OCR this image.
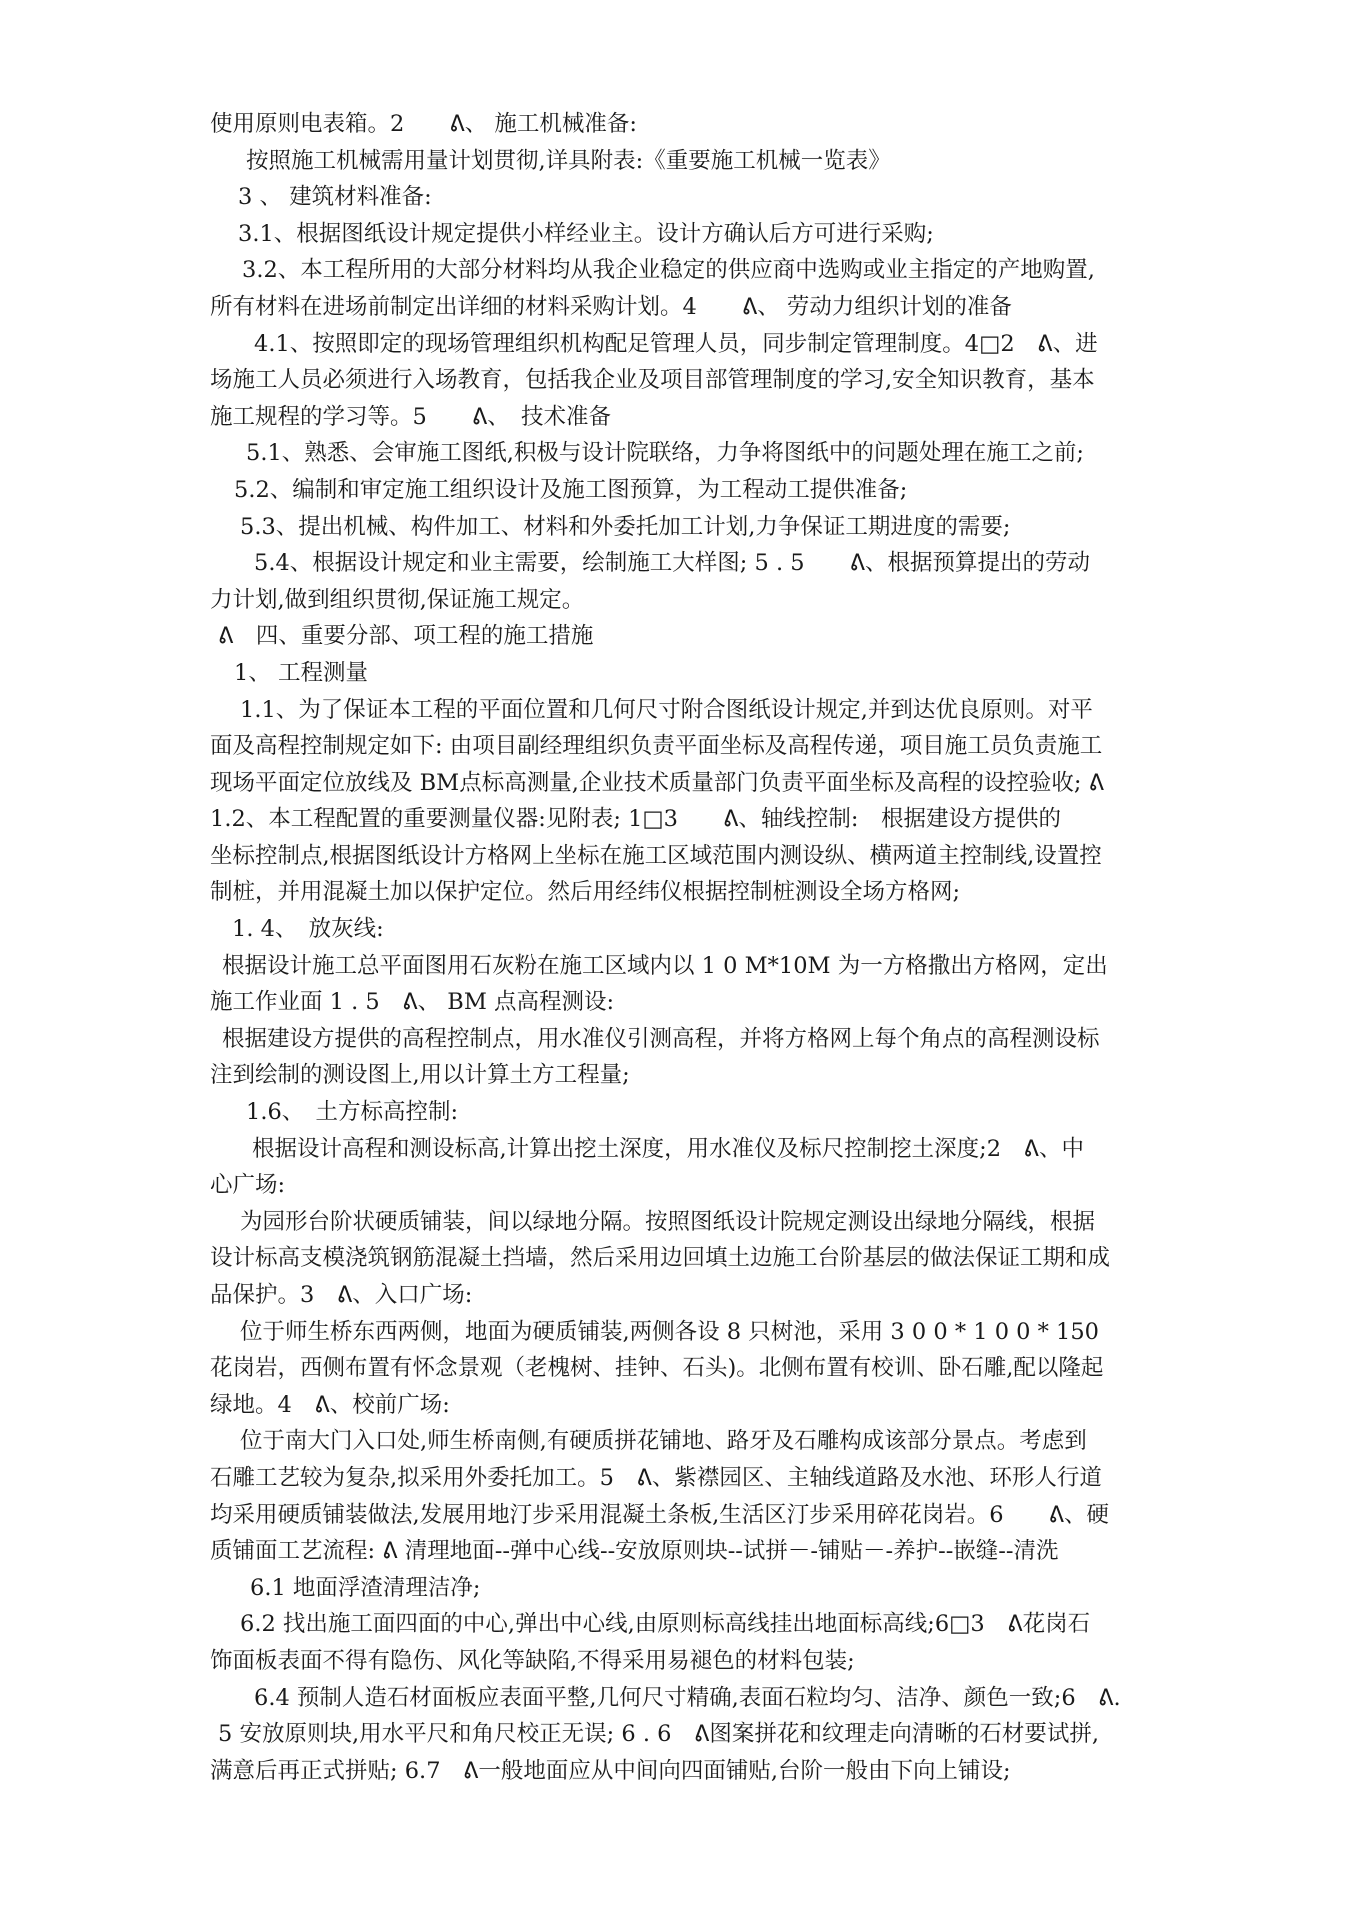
使用原则电表箱。2　　ᕕ、 施工机械准备:
按照施工机械需用量计划贯彻,详具附表:《重要施工机械一览表》
3 、 建筑材料准备:
3.1、根据图纸设计规定提供小样经业主。设计方确认后方可进行采购;
3.2、本工程所用的大部分材料均从我企业稳定的供应商中选购或业主指定的产地购置,
所有材料在进场前制定出详细的材料采购计划。4　　ᕕ、 劳动力组织计划的准备
4.1、按照即定的现场管理组织机构配足管理人员，同步制定管理制度。4□2　ᕕ、进
场施工人员必须进行入场教育，包括我企业及项目部管理制度的学习,安全知识教育，基本
施工规程的学习等。5　　ᕕ、　技术准备
5.1、熟悉、会审施工图纸,积极与设计院联络，力争将图纸中的问题处理在施工之前;
5.2、编制和审定施工组织设计及施工图预算，为工程动工提供准备;
5.3、提出机械、构件加工、材料和外委托加工计划,力争保证工期进度的需要;
5.4、根据设计规定和业主需要，绘制施工大样图; 5 . 5　　ᕕ、根据预算提出的劳动
力计划,做到组织贯彻,保证施工规定。
ᕕ　四、重要分部、项工程的施工措施
1、 工程测量
1.1、为了保证本工程的平面位置和几何尺寸附合图纸设计规定,并到达优良原则。对平
面及高程控制规定如下: 由项目副经理组织负责平面坐标及高程传递，项目施工员负责施工
现场平面定位放线及 BM点标高测量,企业技术质量部门负责平面坐标及高程的设控验收; ᕕ
1.2、本工程配置的重要测量仪器:见附表; 1□3　　ᕕ、轴线控制:　根据建设方提供的
坐标控制点,根据图纸设计方格网上坐标在施工区域范围内测设纵、横两道主控制线,设置控
制桩，并用混凝土加以保护定位。然后用经纬仪根据控制桩测设全场方格网;
1. 4、　放灰线:
根据设计施工总平面图用石灰粉在施工区域内以 1 0 M*10M 为一方格撒出方格网，定出
施工作业面 1 . 5　ᕕ、 BM 点高程测设:
根据建设方提供的高程控制点，用水准仪引测高程，并将方格网上每个角点的高程测设标
注到绘制的测设图上,用以计算土方工程量;
1.6、　土方标高控制:
根据设计高程和测设标高,计算出挖土深度，用水准仪及标尺控制挖土深度;2　ᕕ、中
心广场:
为园形台阶状硬质铺装，间以绿地分隔。按照图纸设计院规定测设出绿地分隔线，根据
设计标高支模浇筑钢筋混凝土挡墙，然后采用边回填土边施工台阶基层的做法保证工期和成
品保护。3　ᕕ、入口广场:
位于师生桥东西两侧，地面为硬质铺装,两侧各设 8 只树池，采用 3 0 0 * 1 0 0 * 150
花岗岩，西侧布置有怀念景观（老槐树、挂钟、石头)。北侧布置有校训、卧石雕,配以隆起
绿地。4　ᕕ、校前广场:
位于南大门入口处,师生桥南侧,有硬质拼花铺地、路牙及石雕构成该部分景点。考虑到
石雕工艺较为复杂,拟采用外委托加工。5　ᕕ、紫襟园区、主轴线道路及水池、环形人行道
均采用硬质铺装做法,发展用地汀步采用混凝土条板,生活区汀步采用碎花岗岩。6　　ᕕ、硬
质铺面工艺流程: ᕕ 清理地面--弹中心线--安放原则块--试拼－-铺贴－-养护--嵌缝--清洗
6.1 地面浮渣清理洁净;
6.2 找出施工面四面的中心,弹出中心线,由原则标高线挂出地面标高线;6□3　ᕕ花岗石
饰面板表面不得有隐伤、风化等缺陷,不得采用易褪色的材料包装;
6.4 预制人造石材面板应表面平整,几何尺寸精确,表面石粒均匀、洁净、颜色一致;6　ᕕ.
5 安放原则块,用水平尺和角尺校正无误; 6 . 6　ᕕ图案拼花和纹理走向清晰的石材要试拼,
满意后再正式拼贴; 6.7　ᕕ一般地面应从中间向四面铺贴,台阶一般由下向上铺设;
